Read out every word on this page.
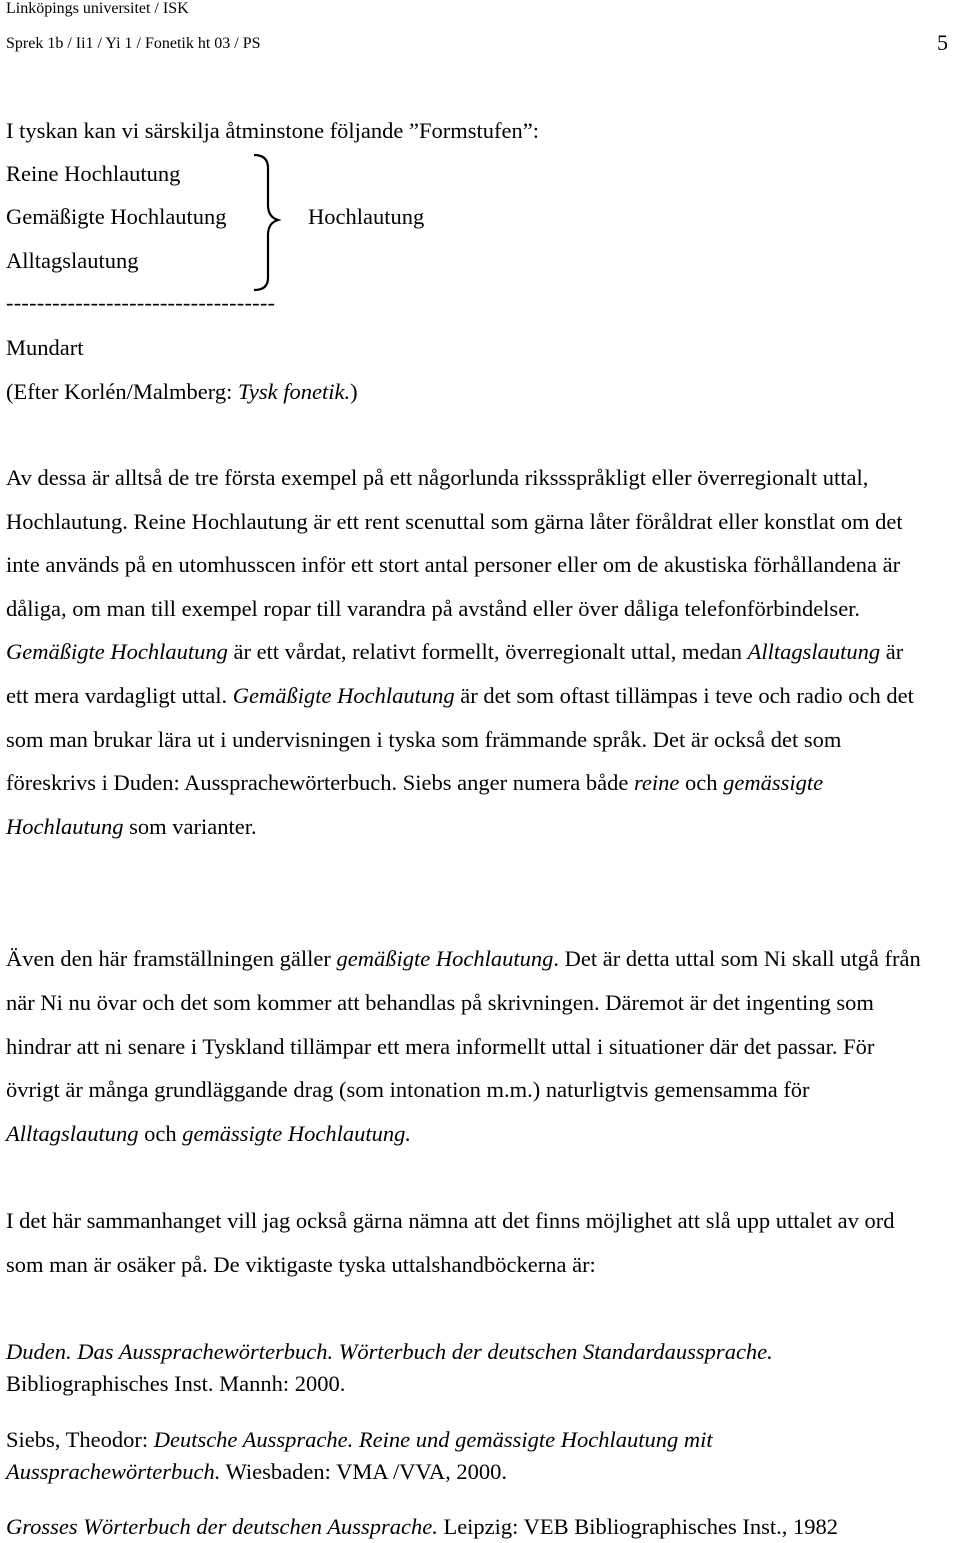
Linköpings universitet / ISK
Sprek 1b / Ii1 / Yi 1 / Fonetik ht 03 / PS	5
I tyskan kan vi särskilja åtminstone följande ”Formstufen”:
Reine Hochlautung
Gemäßigte Hochlautung
Alltagslautung
Hochlautung
-----------------------------------
Mundart
(Efter Korlén/Malmberg: Tysk fonetik.)
Av dessa är alltså de tre första exempel på ett någorlunda rikssspråkligt eller överregionalt uttal, Hochlautung. Reine Hochlautung är ett rent scenuttal som gärna låter föråldrat eller konstlat om det inte används på en utomhusscen inför ett stort antal personer eller om de akustiska förhållandena är dåliga, om man till exempel ropar till varandra på avstånd eller över dåliga telefonförbindelser. Gemäßigte Hochlautung är ett vårdat, relativt formellt, överregionalt uttal, medan Alltagslautung är ett mera vardagligt uttal. Gemäßigte Hochlautung är det som oftast tillämpas i teve och radio och det som man brukar lära ut i undervisningen i tyska som främmande språk. Det är också det som föreskrivs i Duden: Aussprachewörterbuch. Siebs anger numera både reine och gemässigte Hochlautung som varianter.
Även den här framställningen gäller gemäßigte Hochlautung. Det är detta uttal som Ni skall utgå från när Ni nu övar och det som kommer att behandlas på skrivningen. Däremot är det ingenting som hindrar att ni senare i Tyskland tillämpar ett mera informellt uttal i situationer där det passar. För övrigt är många grundläggande drag (som intonation m.m.) naturligtvis gemensamma för Alltagslautung och gemässigte Hochlautung.
I det här sammanhanget vill jag också gärna nämna att det finns möjlighet att slå upp uttalet av ord som man är osäker på. De viktigaste tyska uttalshandböckerna är:
Duden. Das Aussprachewörterbuch. Wörterbuch der deutschen Standardaussprache.
Bibliographisches Inst. Mannh: 2000.
Siebs, Theodor: Deutsche Aussprache. Reine und gemässigte Hochlautung mit
Aussprachewörterbuch. Wiesbaden: VMA /VVA, 2000.
Grosses Wörterbuch der deutschen Aussprache. Leipzig: VEB Bibliographisches Inst., 1982
